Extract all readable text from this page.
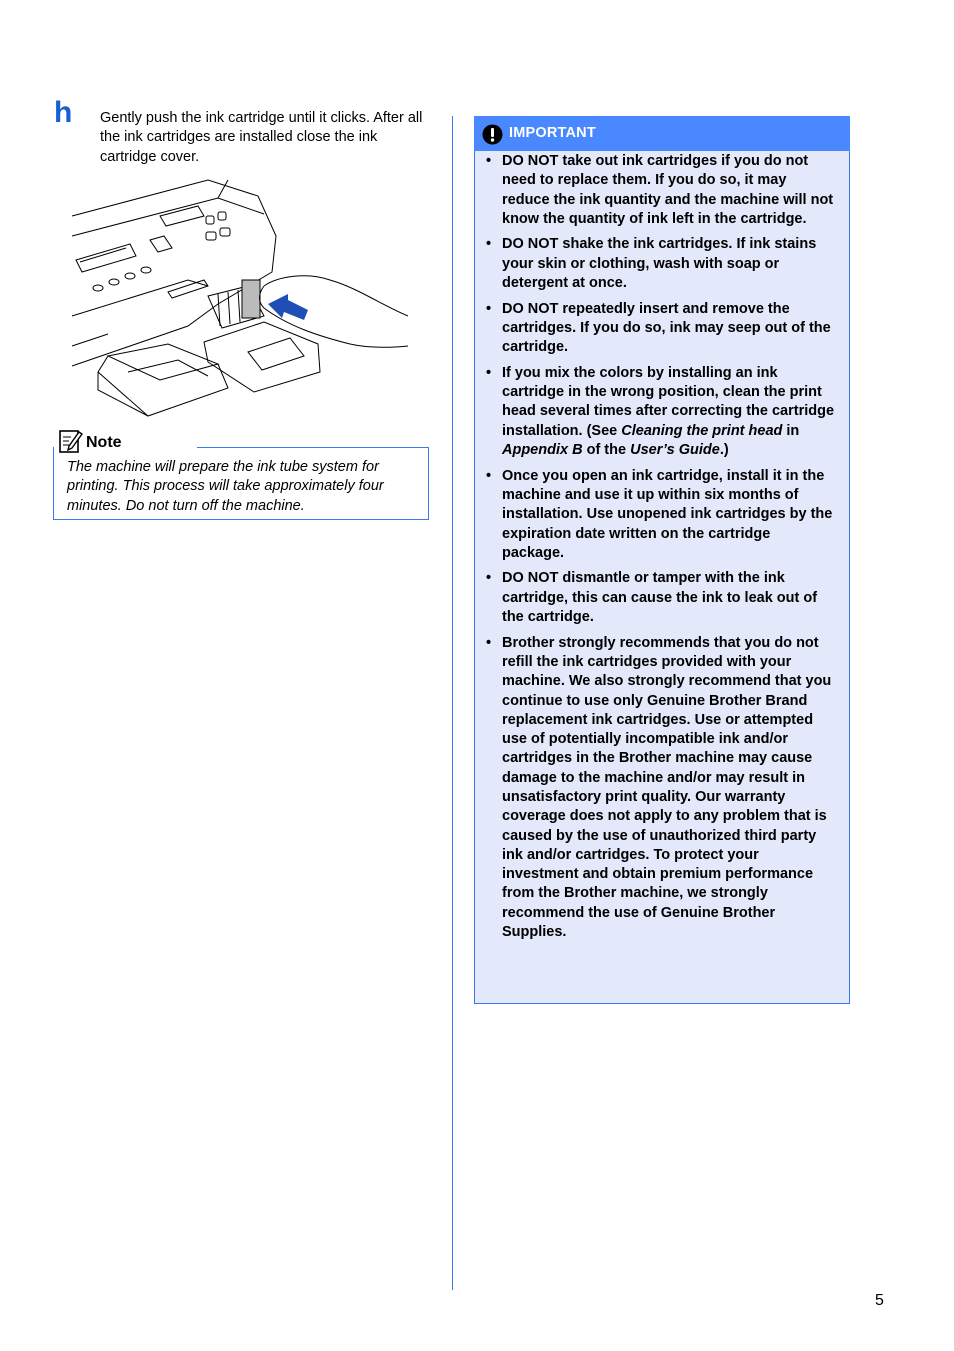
h Gently push the ink cartridge until it clicks. After all the ink cartridges are installed close the ink cartridge cover.
Note
The machine will prepare the ink tube system for printing. This process will take approximately four minutes. Do not turn off the machine.
IMPORTANT
• DO NOT take out ink cartridges if you do not need to replace them. If you do so, it may reduce the ink quantity and the machine will not know the quantity of ink left in the cartridge.
• DO NOT shake the ink cartridges. If ink stains your skin or clothing, wash with soap or detergent at once.
• DO NOT repeatedly insert and remove the cartridges. If you do so, ink may seep out of the cartridge.
• If you mix the colors by installing an ink cartridge in the wrong position, clean the print head several times after correcting the cartridge installation. (See Cleaning the print head in Appendix B of the User’s Guide.)
• Once you open an ink cartridge, install it in the machine and use it up within six months of installation. Use unopened ink cartridges by the expiration date written on the cartridge package.
• DO NOT dismantle or tamper with the ink cartridge, this can cause the ink to leak out of the cartridge.
• Brother strongly recommends that you do not refill the ink cartridges provided with your machine. We also strongly recommend that you continue to use only Genuine Brother Brand replacement ink cartridges. Use or attempted use of potentially incompatible ink and/or cartridges in the Brother machine may cause damage to the machine and/or may result in unsatisfactory print quality. Our warranty coverage does not apply to any problem that is caused by the use of unauthorized third party ink and/or cartridges. To protect your investment and obtain premium performance from the Brother machine, we strongly recommend the use of Genuine Brother Supplies.
5
